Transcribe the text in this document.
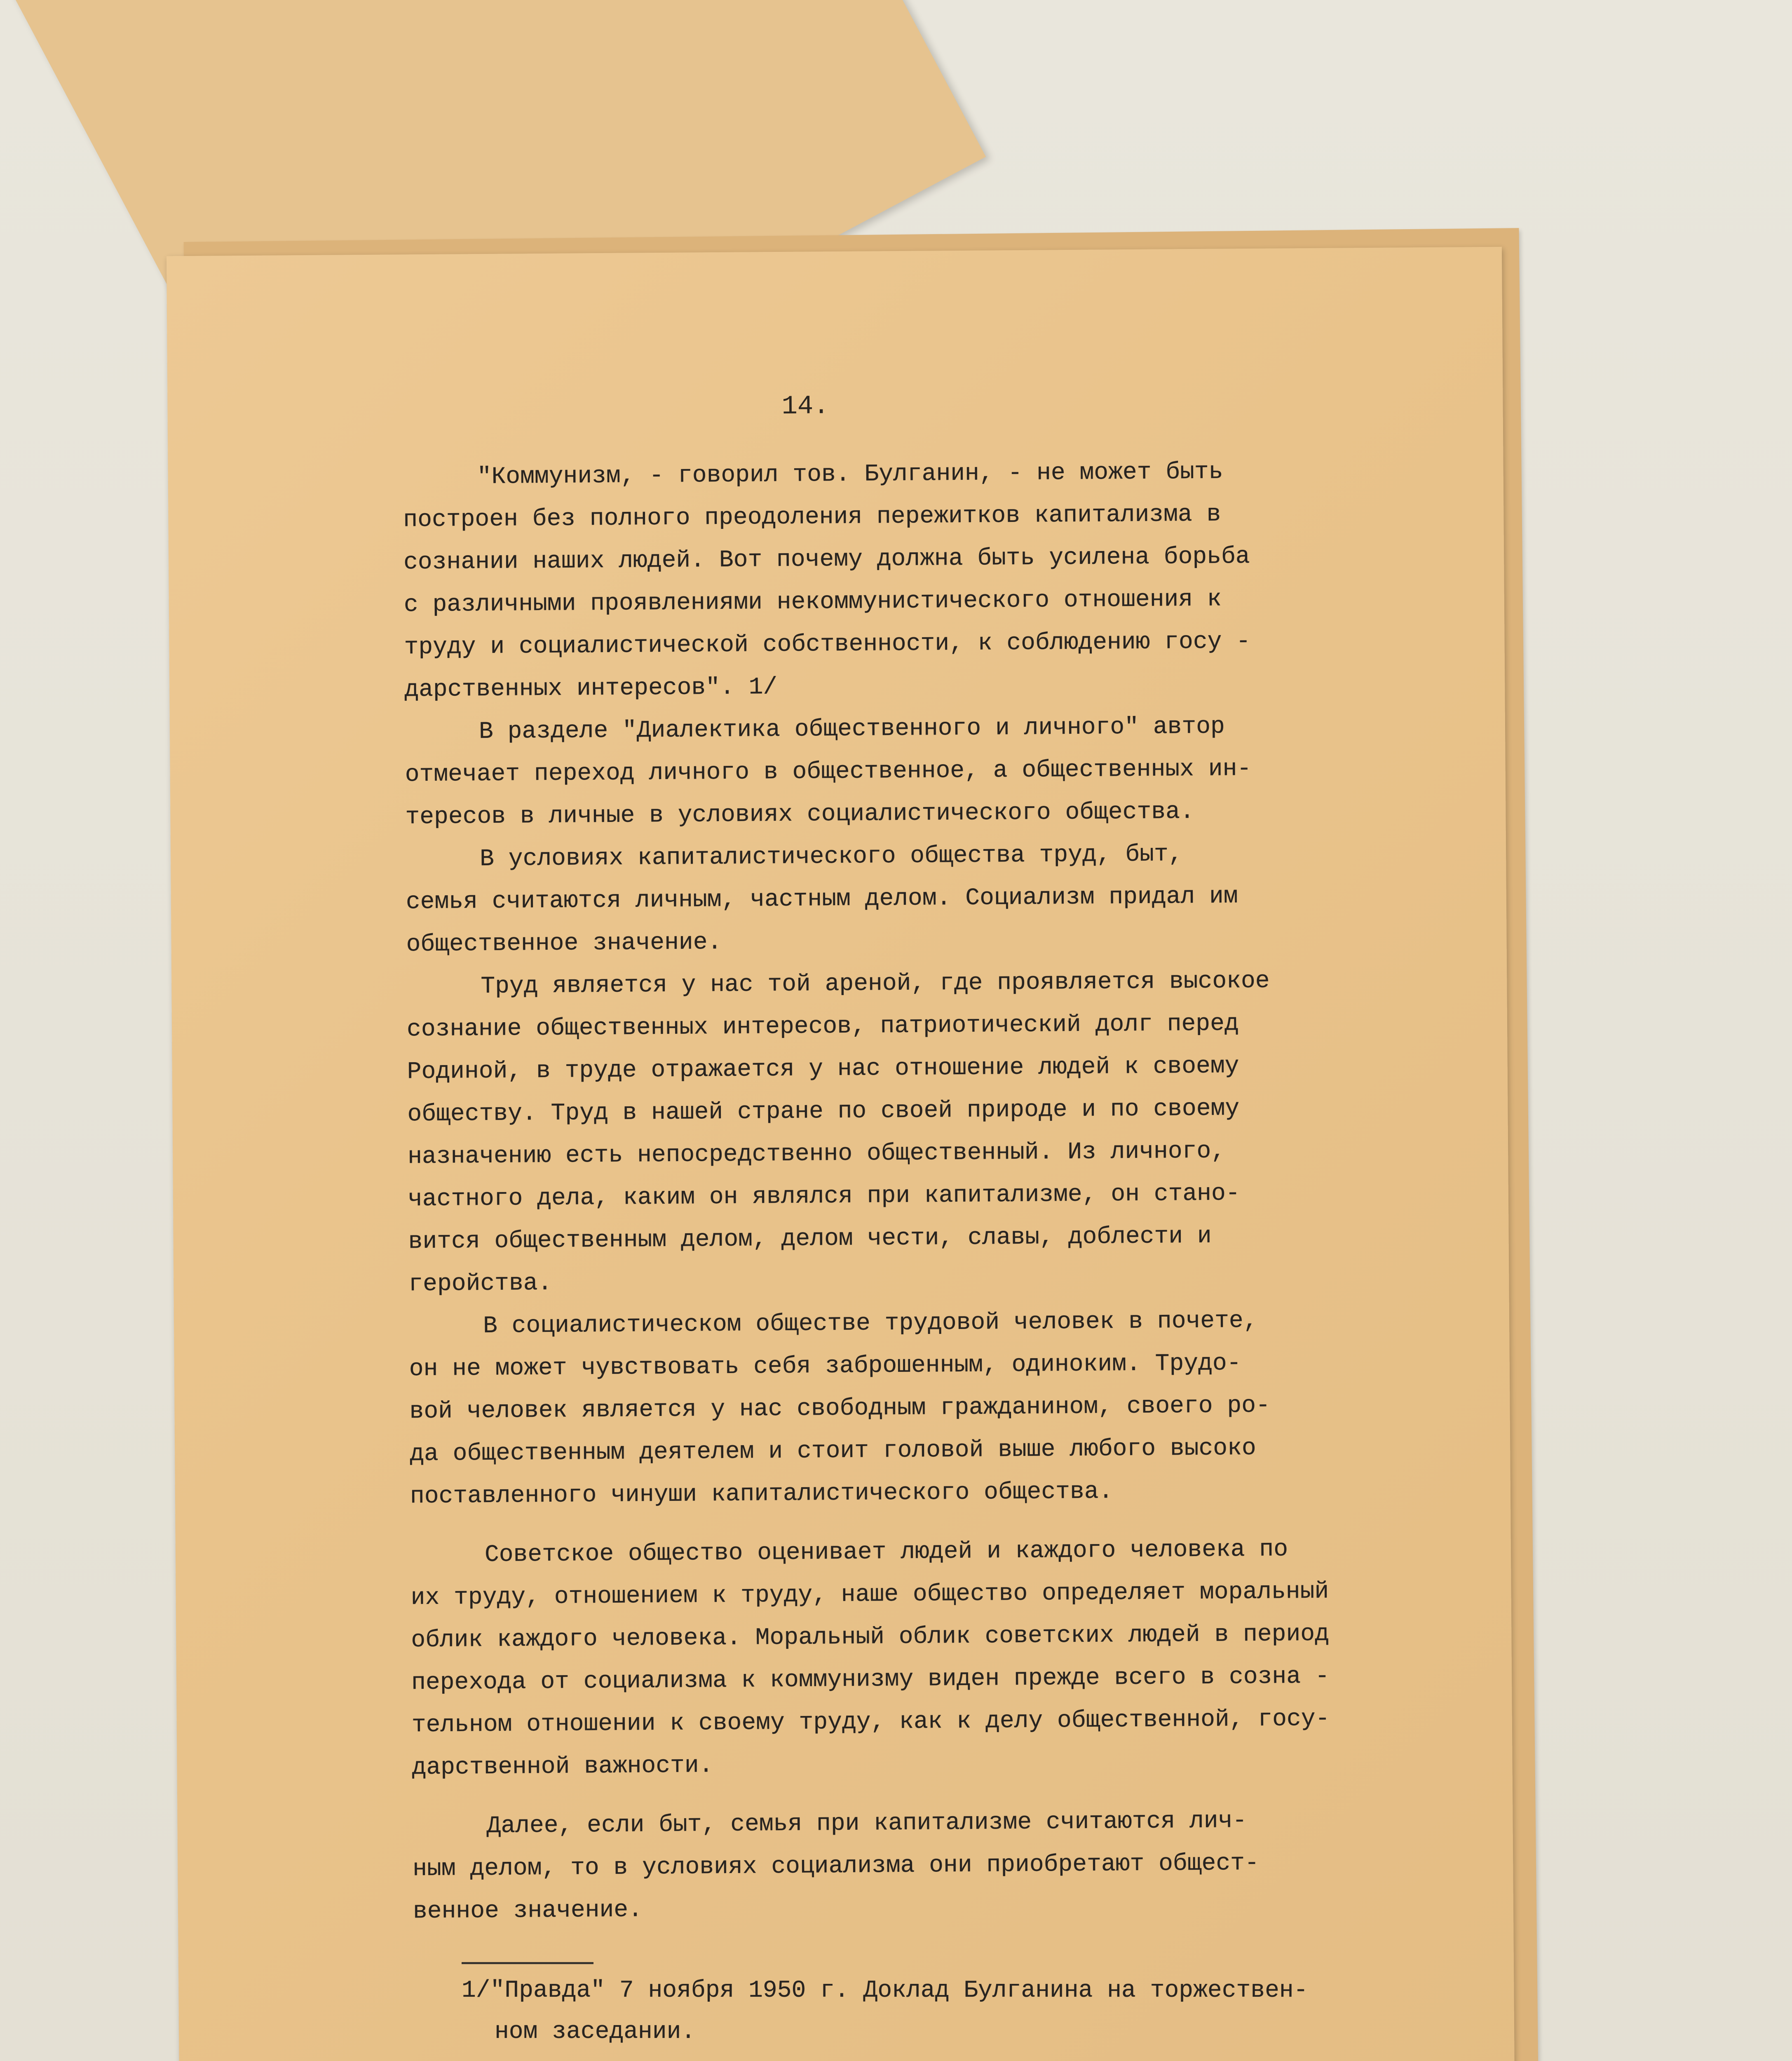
14.
"Коммунизм, - говорил тов. Булганин, - не может быть
построен без полного преодоления пережитков капитализма в
сознании наших людей. Вот почему должна быть усилена борьба
с различными проявлениями некоммунистического отношения к
труду и социалистической собственности, к соблюдению госу -
дарственных интересов". 1/
В разделе "Диалектика общественного и личного" автор
отмечает переход личного в общественное, а общественных ин-
тересов в личные в условиях социалистического общества.
В условиях капиталистического общества труд, быт,
семья считаются личным, частным делом. Социализм придал им
общественное значение.
Труд является у нас той ареной, где проявляется высокое
сознание общественных интересов, патриотический долг перед
Родиной, в труде отражается у нас отношение людей к своему
обществу. Труд в нашей стране по своей природе и по своему
назначению есть непосредственно общественный. Из личного,
частного дела, каким он являлся при капитализме, он стано-
вится общественным делом, делом чести, славы, доблести и
геройства.
В социалистическом обществе трудовой человек в почете,
он не может чувствовать себя заброшенным, одиноким. Трудо-
вой человек является у нас свободным гражданином, своего ро-
да общественным деятелем и стоит головой выше любого высоко
поставленного чинуши капиталистического общества.
Советское общество оценивает людей и каждого человека по
их труду, отношением к труду, наше общество определяет моральный
облик каждого человека. Моральный облик советских людей в период
перехода от социализма к коммунизму виден прежде всего в созна -
тельном отношении к своему труду, как к делу общественной, госу-
дарственной важности.
Далее, если быт, семья при капитализме считаются лич-
ным делом, то в условиях социализма они приобретают общест-
венное значение.
1/"Правда" 7 ноября 1950 г. Доклад Булганина на торжествен-
ном заседании.
